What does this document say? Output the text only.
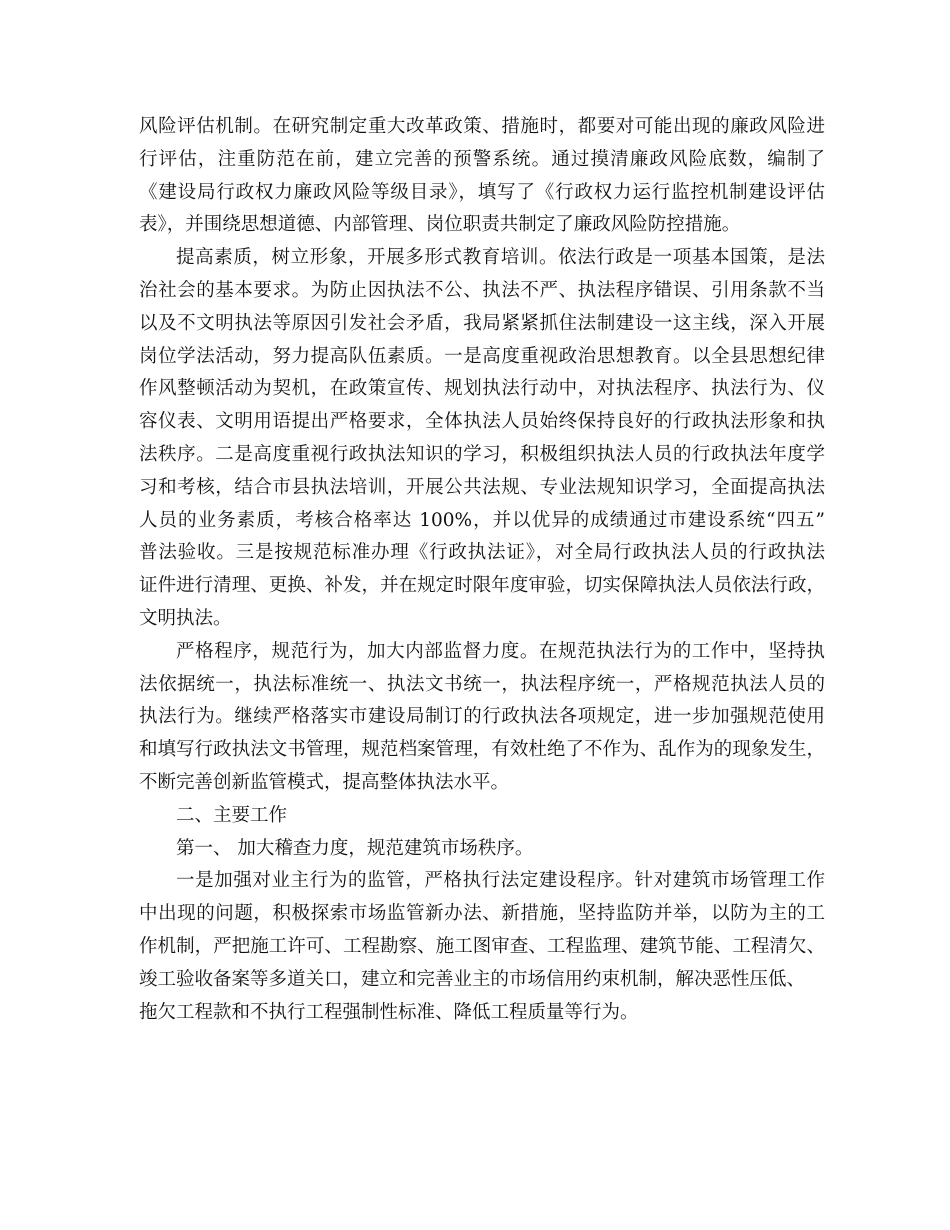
风险评估机制。在研究制定重大改革政策、措施时，都要对可能出现的廉政风险进
行评估，注重防范在前，建立完善的预警系统。通过摸清廉政风险底数，编制了
《建设局行政权力廉政风险等级目录》，填写了《行政权力运行监控机制建设评估
表》，并围绕思想道德、内部管理、岗位职责共制定了廉政风险防控措施。
提高素质，树立形象，开展多形式教育培训。依法行政是一项基本国策，是法
治社会的基本要求。为防止因执法不公、执法不严、执法程序错误、引用条款不当
以及不文明执法等原因引发社会矛盾，我局紧紧抓住法制建设一这主线，深入开展
岗位学法活动，努力提高队伍素质。一是高度重视政治思想教育。以全县思想纪律
作风整顿活动为契机，在政策宣传、规划执法行动中，对执法程序、执法行为、仪
容仪表、文明用语提出严格要求，全体执法人员始终保持良好的行政执法形象和执
法秩序。二是高度重视行政执法知识的学习，积极组织执法人员的行政执法年度学
习和考核，结合市县执法培训，开展公共法规、专业法规知识学习，全面提高执法
人员的业务素质，考核合格率达 100%，并以优异的成绩通过市建设系统“四五”
普法验收。三是按规范标准办理《行政执法证》，对全局行政执法人员的行政执法
证件进行清理、更换、补发，并在规定时限年度审验，切实保障执法人员依法行政，
文明执法。
严格程序，规范行为，加大内部监督力度。在规范执法行为的工作中，坚持执
法依据统一，执法标准统一、执法文书统一，执法程序统一，严格规范执法人员的
执法行为。继续严格落实市建设局制订的行政执法各项规定，进一步加强规范使用
和填写行政执法文书管理，规范档案管理，有效杜绝了不作为、乱作为的现象发生，
不断完善创新监管模式，提高整体执法水平。
二、主要工作
第一、 加大稽查力度，规范建筑市场秩序。
一是加强对业主行为的监管，严格执行法定建设程序。针对建筑市场管理工作
中出现的问题，积极探索市场监管新办法、新措施，坚持监防并举，以防为主的工
作机制，严把施工许可、工程勘察、施工图审查、工程监理、建筑节能、工程清欠、
竣工验收备案等多道关口，建立和完善业主的市场信用约束机制，解决恶性压低、
拖欠工程款和不执行工程强制性标准、降低工程质量等行为。
